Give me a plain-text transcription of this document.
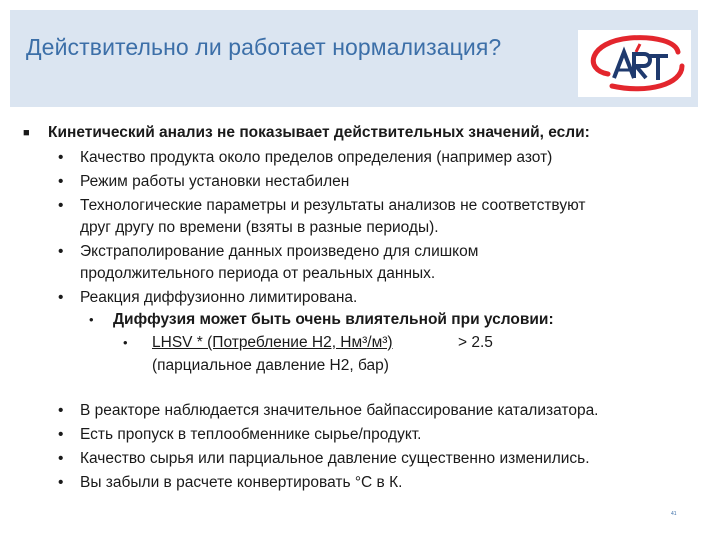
Действительно ли работает нормализация?
■ Кинетический анализ не показывает действительных значений, если:
• Качество продукта около пределов определения (например азот)
• Режим работы установки нестабилен
• Технологические параметры и результаты анализов не соответствуют
друг другу по времени (взяты в разные периоды).
• Экстраполирование данных произведено для слишком
продолжительного периода от реальных данных.
• Реакция диффузионно лимитирована.
• Диффузия может быть очень влиятельной при условии:
• LHSV * (Потребление H2, Нм³/м³)	> 2.5
(парциальное давление H2, бар)
• В реакторе наблюдается значительное байпассирование катализатора.
• Есть пропуск в теплообменнике сырье/продукт.
• Качество сырья или парциальное давление существенно изменились.
• Вы забыли в расчете конвертировать °С в К.
41
